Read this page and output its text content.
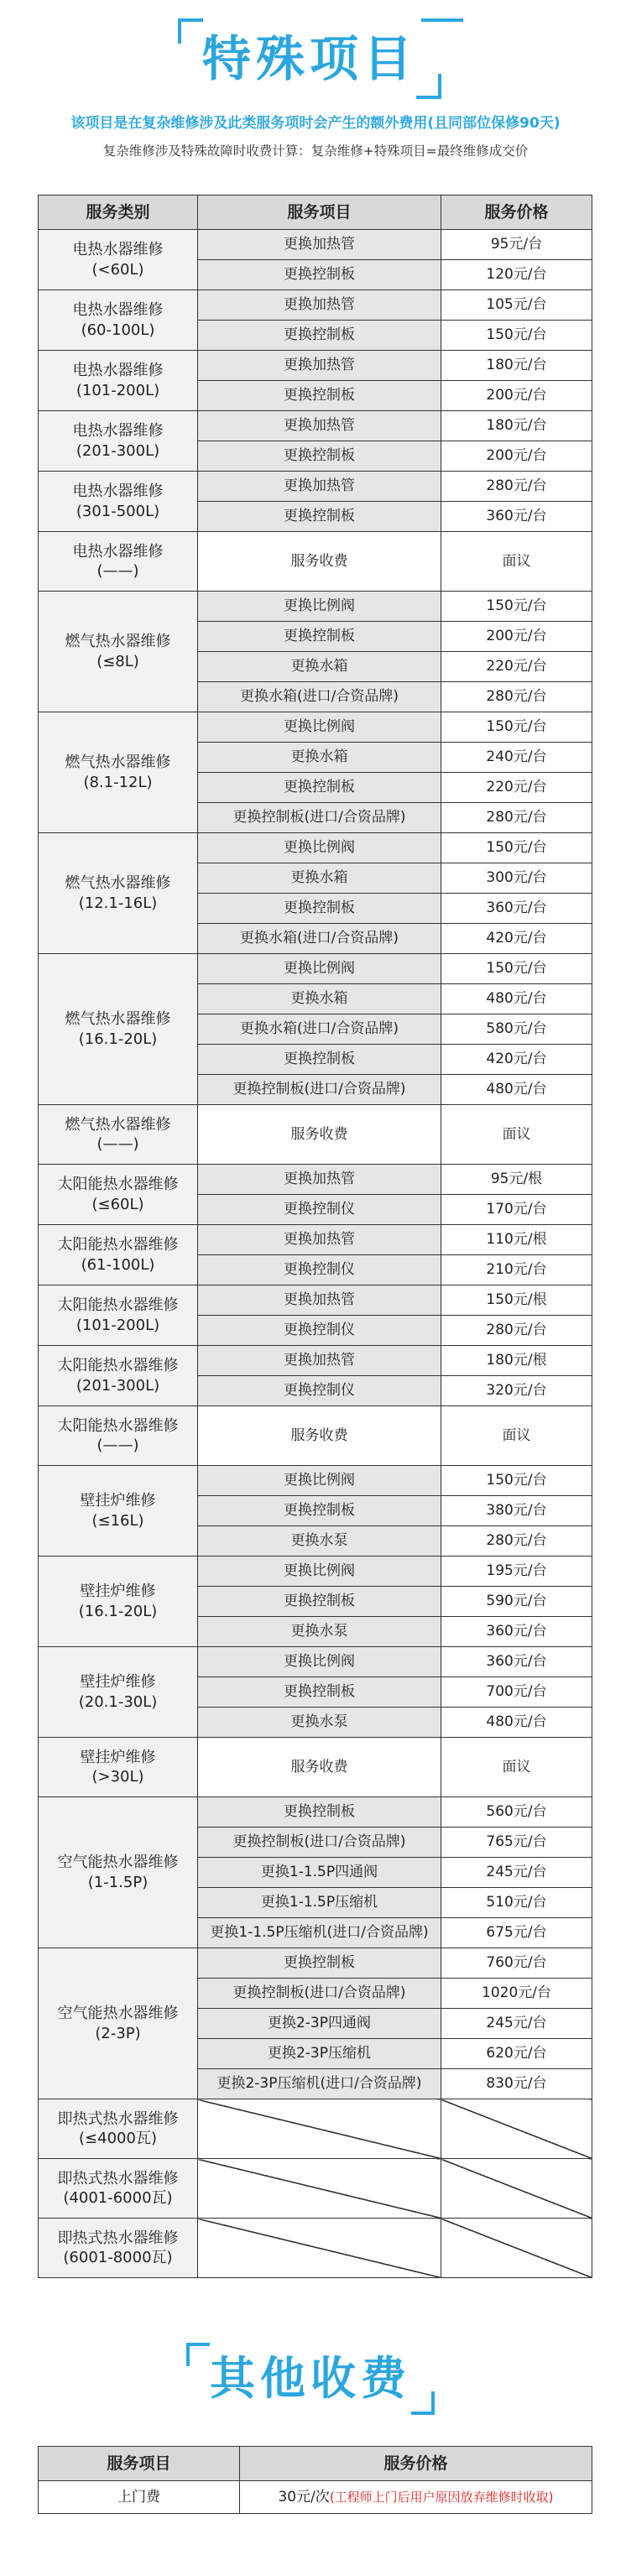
特殊项目
该项目是在复杂维修涉及此类服务项时会产生的额外费用(且同部位保修90天)
复杂维修涉及特殊故障时收费计算：复杂维修+特殊项目=最终维修成交价
服务类别	服务项目	服务价格

电热水器维修
(<60L)	更换加热管	95元/台
	更换控制板	120元/台

电热水器维修
(60-100L)	更换加热管	105元/台
	更换控制板	150元/台

电热水器维修
(101-200L)	更换加热管	180元/台
	更换控制板	200元/台

电热水器维修
(201-300L)	更换加热管	180元/台
	更换控制板	200元/台

电热水器维修
(301-500L)	更换加热管	280元/台
	更换控制板	360元/台

电热水器维修
(——)	服务收费	面议

燃气热水器维修
(≤8L)	更换比例阀	150元/台
	更换控制板	200元/台
	更换水箱	220元/台
	更换水箱(进口/合资品牌)	280元/台

燃气热水器维修
(8.1-12L)	更换比例阀	150元/台
	更换水箱	240元/台
	更换控制板	220元/台
	更换控制板(进口/合资品牌)	280元/台

燃气热水器维修
(12.1-16L)	更换比例阀	150元/台
	更换水箱	300元/台
	更换控制板	360元/台
	更换水箱(进口/合资品牌)	420元/台

燃气热水器维修
(16.1-20L)	更换比例阀	150元/台
	更换水箱	480元/台
	更换水箱(进口/合资品牌)	580元/台
	更换控制板	420元/台
	更换控制板(进口/合资品牌)	480元/台

燃气热水器维修
(——)	服务收费	面议

太阳能热水器维修
(≤60L)	更换加热管	95元/根
	更换控制仪	170元/台

太阳能热水器维修
(61-100L)	更换加热管	110元/根
	更换控制仪	210元/台

太阳能热水器维修
(101-200L)	更换加热管	150元/根
	更换控制仪	280元/台

太阳能热水器维修
(201-300L)	更换加热管	180元/根
	更换控制仪	320元/台

太阳能热水器维修
(——)	服务收费	面议

壁挂炉维修
(≤16L)	更换比例阀	150元/台
	更换控制板	380元/台
	更换水泵	280元/台

壁挂炉维修
(16.1-20L)	更换比例阀	195元/台
	更换控制板	590元/台
	更换水泵	360元/台

壁挂炉维修
(20.1-30L)	更换比例阀	360元/台
	更换控制板	700元/台
	更换水泵	480元/台

壁挂炉维修
(>30L)	服务收费	面议

空气能热水器维修
(1-1.5P)	更换控制板	560元/台
	更换控制板(进口/合资品牌)	765元/台
	更换1-1.5P四通阀	245元/台
	更换1-1.5P压缩机	510元/台
	更换1-1.5P压缩机(进口/合资品牌)	675元/台

空气能热水器维修
(2-3P)	更换控制板	760元/台
	更换控制板(进口/合资品牌)	1020元/台
	更换2-3P四通阀	245元/台
	更换2-3P压缩机	620元/台
	更换2-3P压缩机(进口/合资品牌)	830元/台

即热式热水器维修
(≤4000瓦)		

即热式热水器维修
(4001-6000瓦)		

即热式热水器维修
(6001-8000瓦)		

其他收费
服务项目	服务价格
上门费	30元/次(工程师上门后用户原因放弃维修时收取)
